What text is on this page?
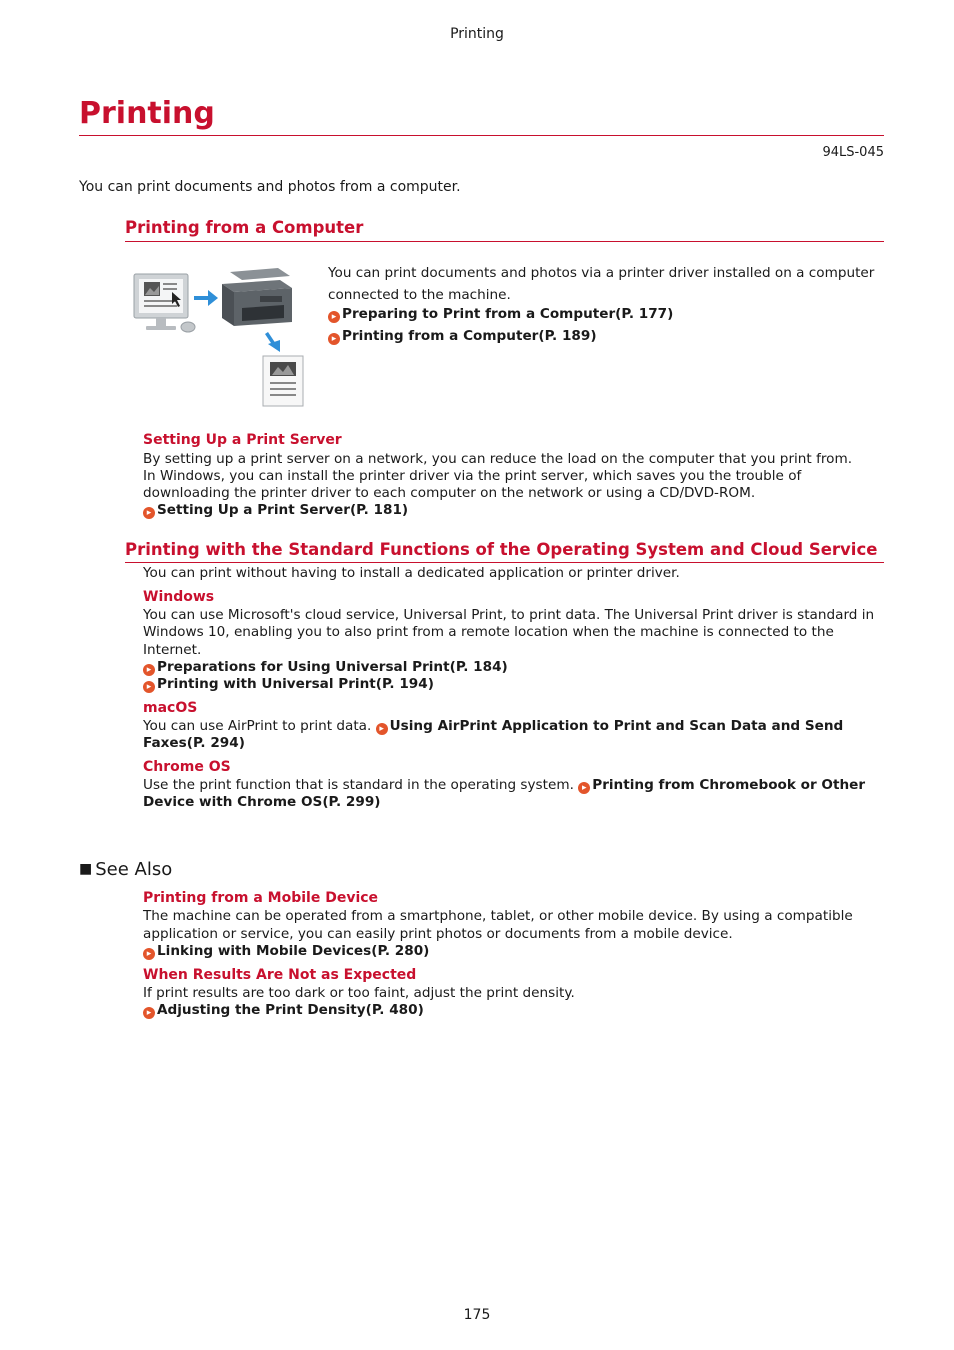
Printing
Printing
94LS-045
You can print documents and photos from a computer.
Printing from a Computer
You can print documents and photos via a printer driver installed on a computer connected to the machine.
▸ Preparing to Print from a Computer(P. 177)
▸ Printing from a Computer(P. 189)
Setting Up a Print Server
By setting up a print server on a network, you can reduce the load on the computer that you print from.
In Windows, you can install the printer driver via the print server, which saves you the trouble of
downloading the printer driver to each computer on the network or using a CD/DVD-ROM.
▸ Setting Up a Print Server(P. 181)
Printing with the Standard Functions of the Operating System and Cloud Service
You can print without having to install a dedicated application or printer driver.
Windows
You can use Microsoft's cloud service, Universal Print, to print data. The Universal Print driver is standard in
Windows 10, enabling you to also print from a remote location when the machine is connected to the
Internet.
▸ Preparations for Using Universal Print(P. 184)
▸ Printing with Universal Print(P. 194)
macOS
You can use AirPrint to print data. ▸ Using AirPrint Application to Print and Scan Data and Send
Faxes(P. 294)
Chrome OS
Use the print function that is standard in the operating system. ▸ Printing from Chromebook or Other
Device with Chrome OS(P. 299)
■ See Also
Printing from a Mobile Device
The machine can be operated from a smartphone, tablet, or other mobile device. By using a compatible
application or service, you can easily print photos or documents from a mobile device.
▸ Linking with Mobile Devices(P. 280)
When Results Are Not as Expected
If print results are too dark or too faint, adjust the print density.
▸ Adjusting the Print Density(P. 480)
175
